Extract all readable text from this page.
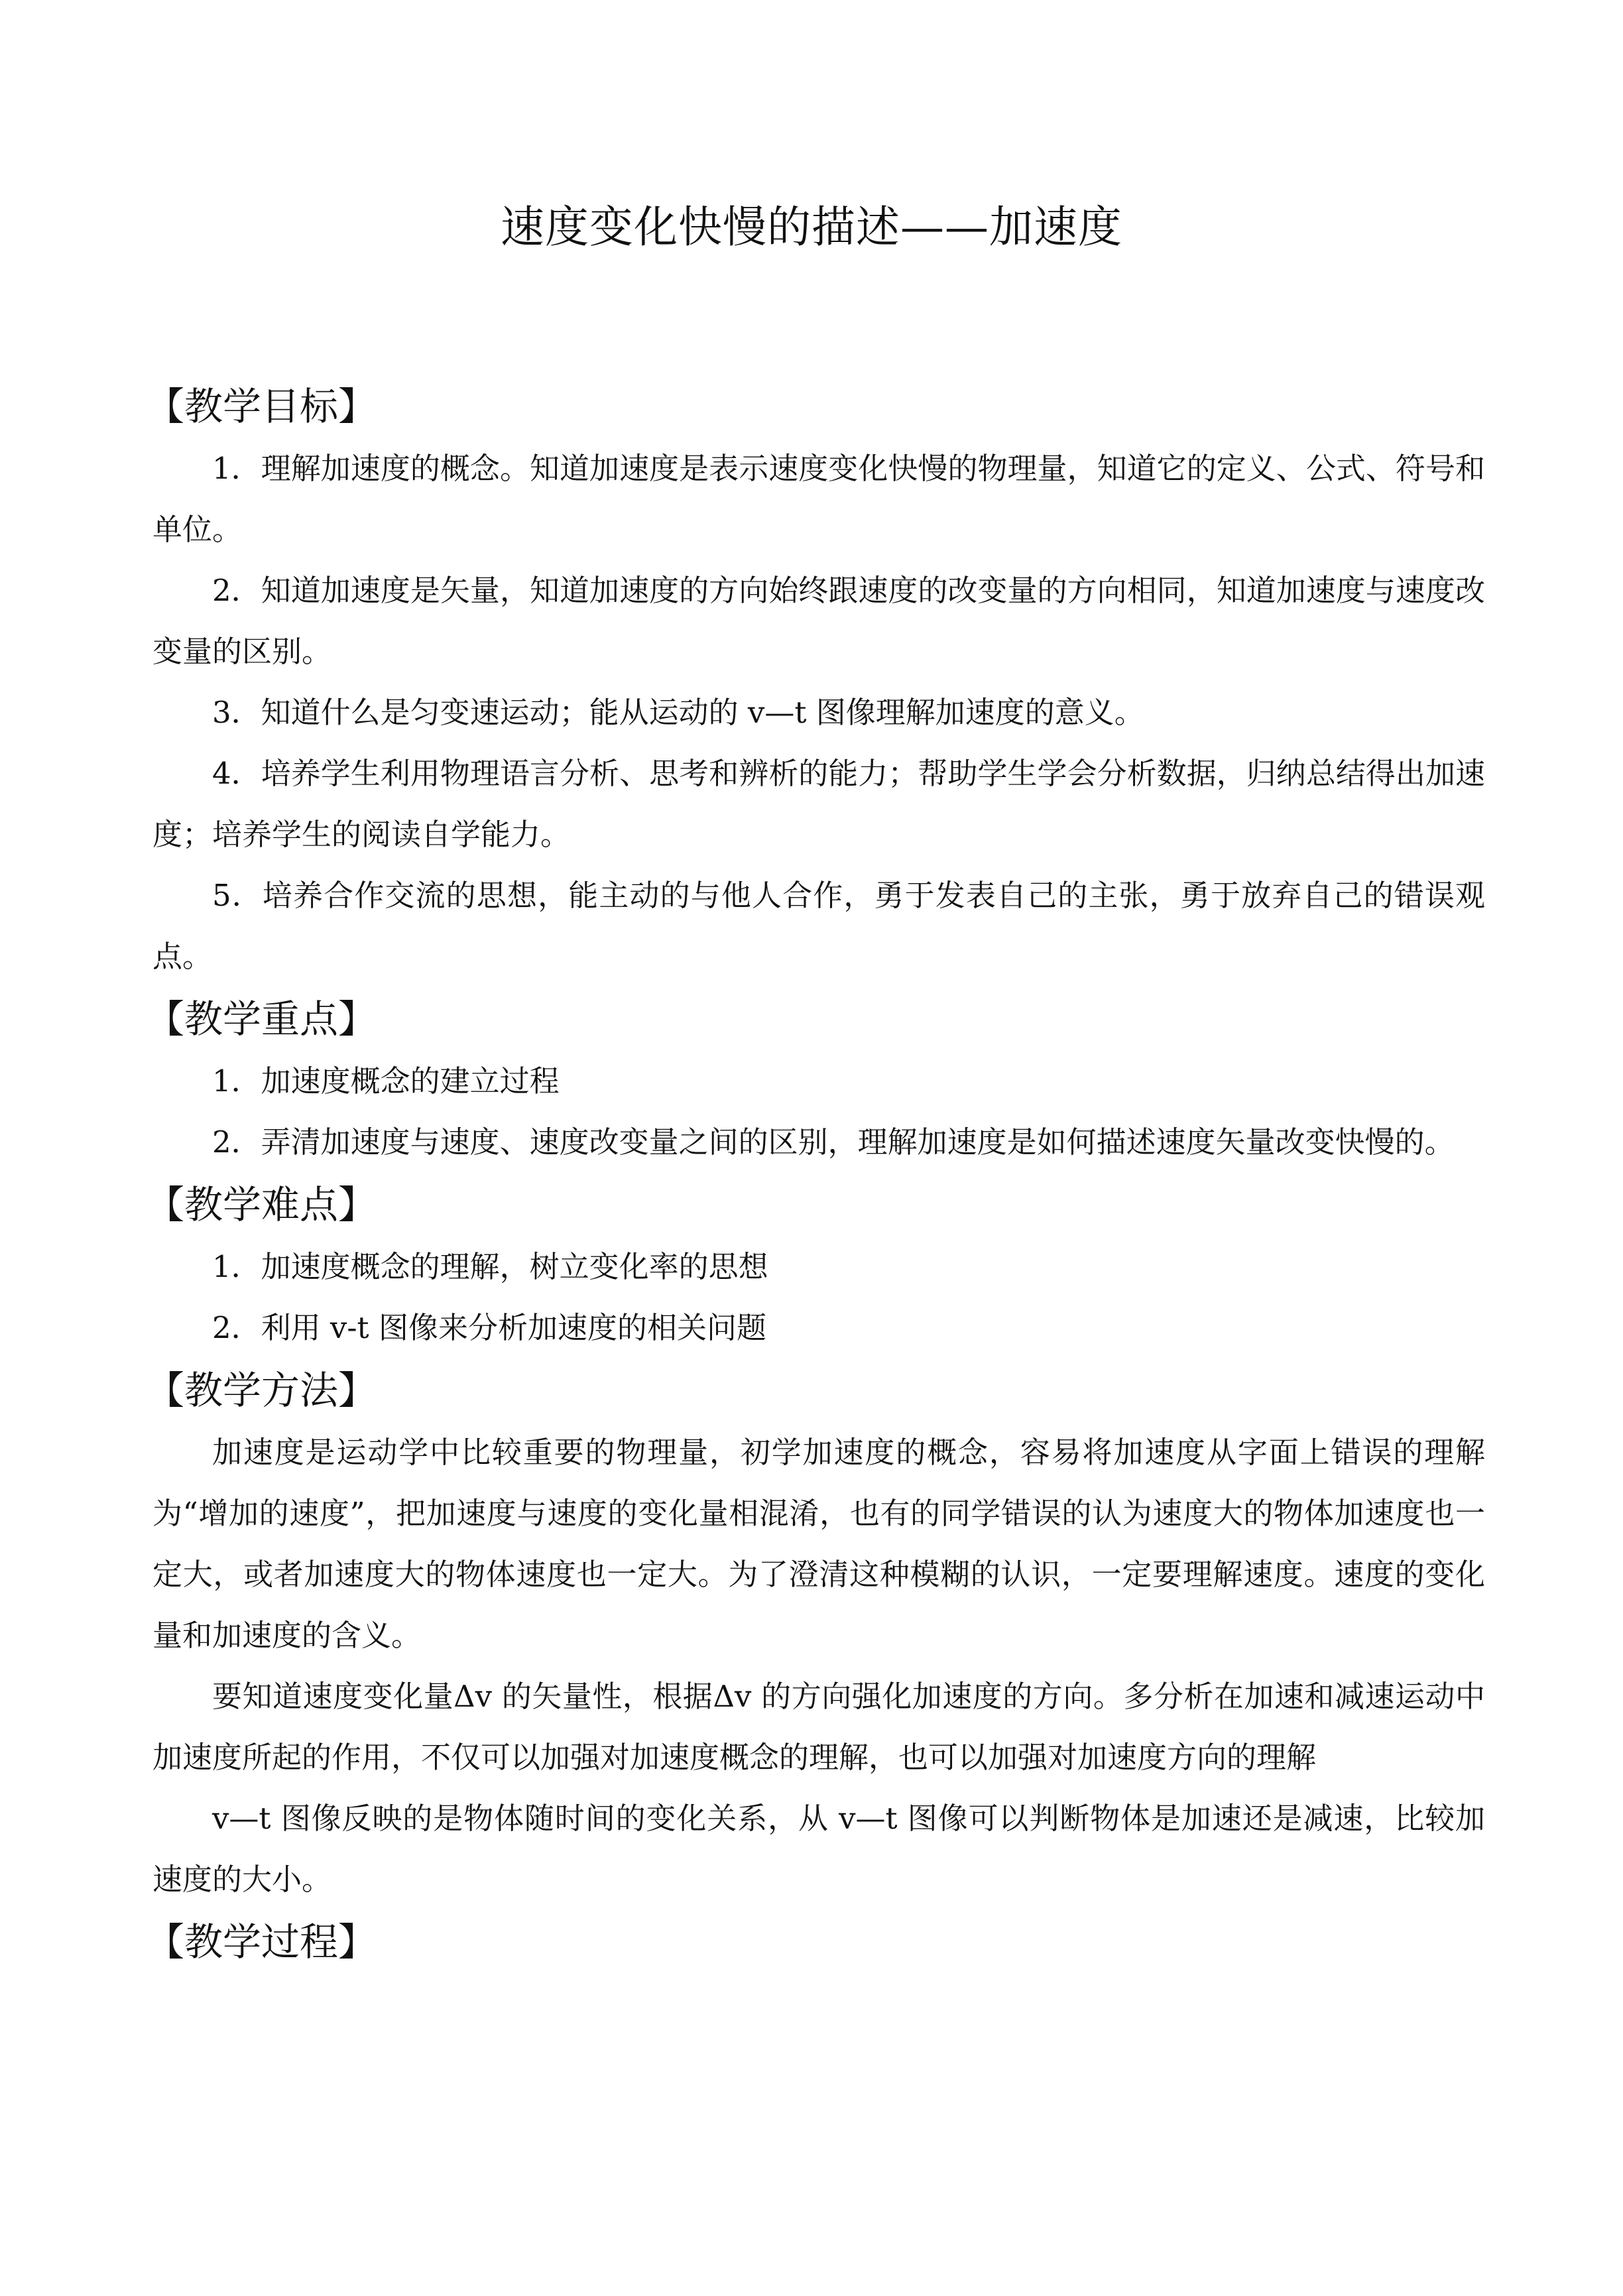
速度变化快慢的描述——加速度
【教学目标】

1．理解加速度的概念。知道加速度是表示速度变化快慢的物理量，知道它的定义、公式、符号和单位。

2．知道加速度是矢量，知道加速度的方向始终跟速度的改变量的方向相同，知道加速度与速度改变量的区别。

3．知道什么是匀变速运动；能从运动的 v—t 图像理解加速度的意义。

4．培养学生利用物理语言分析、思考和辨析的能力；帮助学生学会分析数据，归纳总结得出加速度；培养学生的阅读自学能力。

5．培养合作交流的思想，能主动的与他人合作，勇于发表自己的主张，勇于放弃自己的错误观点。

【教学重点】

1．加速度概念的建立过程

2．弄清加速度与速度、速度改变量之间的区别，理解加速度是如何描述速度矢量改变快慢的。

【教学难点】

1．加速度概念的理解，树立变化率的思想

2．利用 v-t 图像来分析加速度的相关问题

【教学方法】

加速度是运动学中比较重要的物理量，初学加速度的概念，容易将加速度从字面上错误的理解为“增加的速度”，把加速度与速度的变化量相混淆，也有的同学错误的认为速度大的物体加速度也一定大，或者加速度大的物体速度也一定大。为了澄清这种模糊的认识，一定要理解速度。速度的变化量和加速度的含义。

要知道速度变化量Δv 的矢量性，根据Δv 的方向强化加速度的方向。多分析在加速和减速运动中加速度所起的作用，不仅可以加强对加速度概念的理解，也可以加强对加速度方向的理解

v—t 图像反映的是物体随时间的变化关系，从 v—t 图像可以判断物体是加速还是减速，比较加速度的大小。

【教学过程】
